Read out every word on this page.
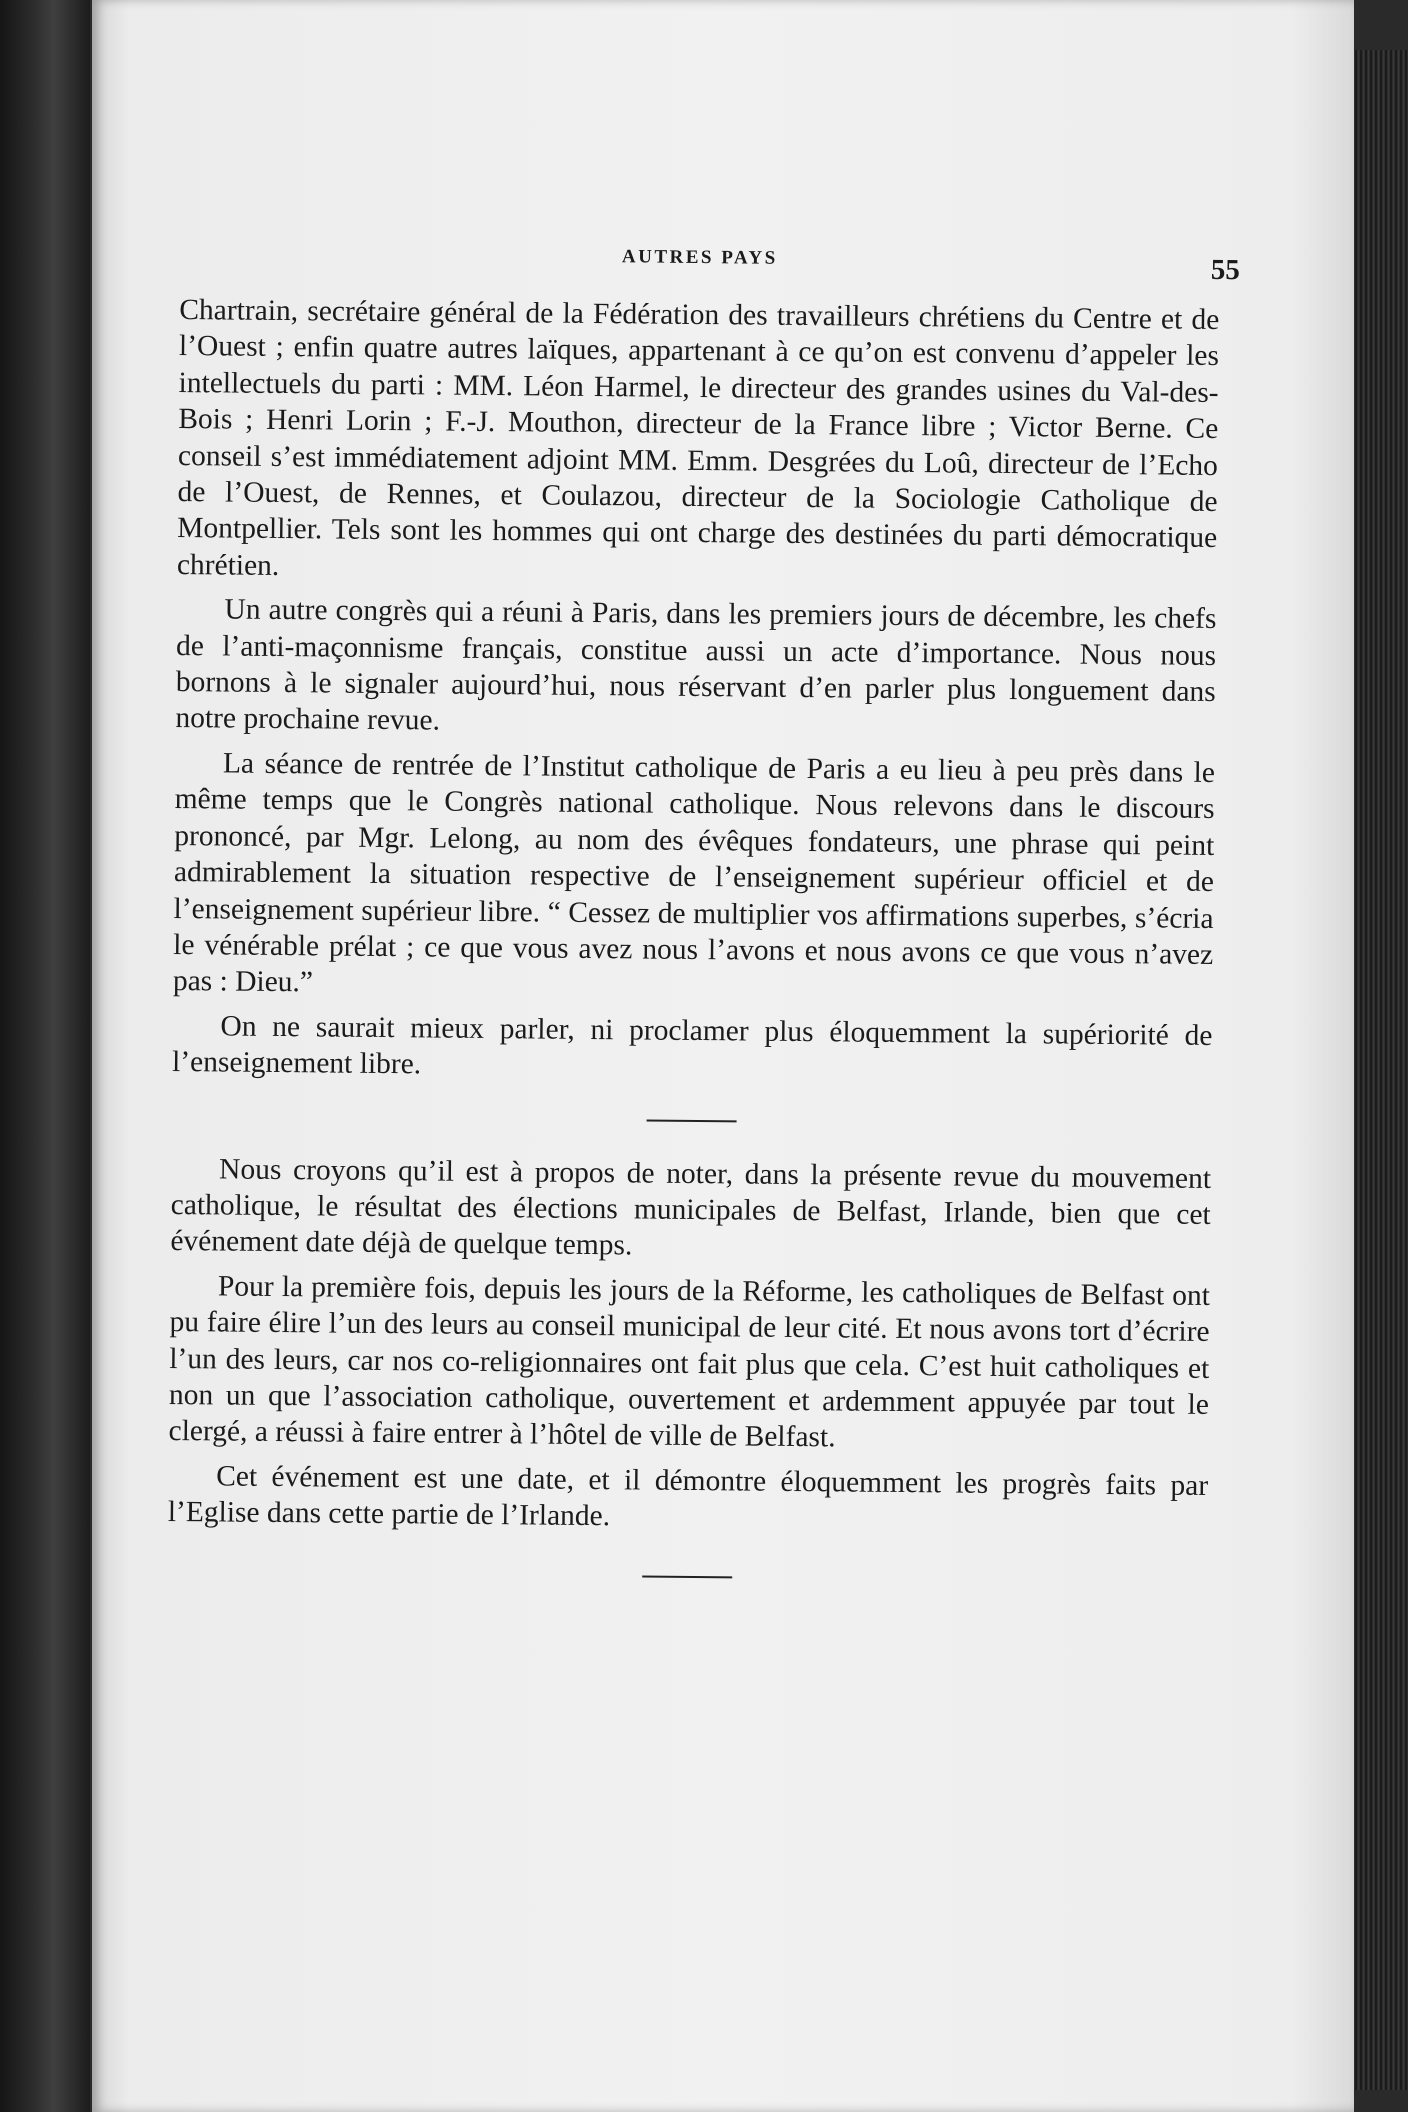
AUTRES PAYS	55

Chartrain, secrétaire général de la Fédération des travailleurs chrétiens du Centre et de l’Ouest ; enfin quatre autres laïques, appartenant à ce qu’on est convenu d’appeler les intellectuels du parti : MM. Léon Harmel, le directeur des grandes usines du Val-des-Bois ; Henri Lorin ; F.-J. Mouthon, directeur de la France libre ; Victor Berne. Ce conseil s’est immédiatement adjoint MM. Emm. Desgrées du Loû, directeur de l’Echo de l’Ouest, de Rennes, et Coulazou, directeur de la Sociologie Catholique de Montpellier. Tels sont les hommes qui ont charge des destinées du parti démocratique chrétien.

Un autre congrès qui a réuni à Paris, dans les premiers jours de décembre, les chefs de l’anti-maçonnisme français, constitue aussi un acte d’importance. Nous nous bornons à le signaler aujourd’hui, nous réservant d’en parler plus longuement dans notre prochaine revue.

La séance de rentrée de l’Institut catholique de Paris a eu lieu à peu près dans le même temps que le Congrès national catholique. Nous relevons dans le discours prononcé, par Mgr. Lelong, au nom des évêques fondateurs, une phrase qui peint admirablement la situation respective de l’enseignement supérieur officiel et de l’enseignement supérieur libre. “ Cessez de multiplier vos affirmations superbes, s’écria le vénérable prélat ; ce que vous avez nous l’avons et nous avons ce que vous n’avez pas : Dieu.”

On ne saurait mieux parler, ni proclamer plus éloquemment la supériorité de l’enseignement libre.

Nous croyons qu’il est à propos de noter, dans la présente revue du mouvement catholique, le résultat des élections municipales de Belfast, Irlande, bien que cet événement date déjà de quelque temps.

Pour la première fois, depuis les jours de la Réforme, les catholiques de Belfast ont pu faire élire l’un des leurs au conseil municipal de leur cité. Et nous avons tort d’écrire l’un des leurs, car nos co-religionnaires ont fait plus que cela. C’est huit catholiques et non un que l’association catholique, ouvertement et ardemment appuyée par tout le clergé, a réussi à faire entrer à l’hôtel de ville de Belfast.

Cet événement est une date, et il démontre éloquemment les progrès faits par l’Eglise dans cette partie de l’Irlande.
